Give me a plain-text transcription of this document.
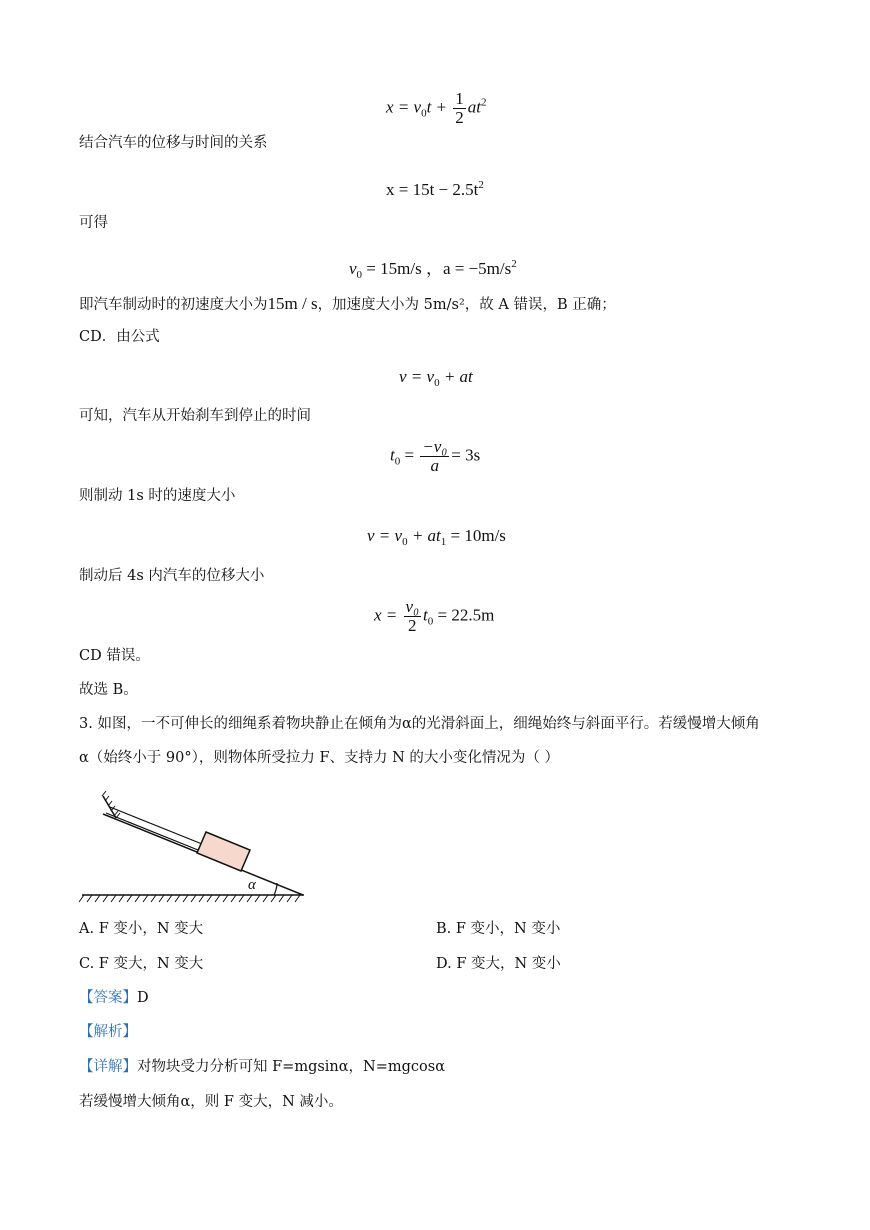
$x = v_0t + \frac{1}{2} at^2$
结合汽车的位移与时间的关系
$x = 15t - 2.5t^2$
可得
$v_0 = 15m/s$ ，$a = -5m/s^2$
即汽车制动时的初速度大小为15m / s，加速度大小为 5m/s²，故 A 错误，B 正确；
CD．由公式
$v = v_0$ + at
可知，汽车从开始刹车到停止的时间
$t_0 = \frac{\text{−v₀}}{a} = 3s$
则制动 1s 时的速度大小
$v = v_0 + at_1 = 10m/s$
制动后 4s 内汽车的位移大小
$x = \frac{\text{v₀}}{2} t_0 = 22.5m$
CD 错误。
故选 B。
3. 如图，一不可伸长的细绳系着物块静止在倾角为α的光滑斜面上，细绳始终与斜面平行。若缓慢增大倾角
α（始终小于 90°），则物体所受拉力 F、支持力 N 的大小变化情况为（ ）
α
A. F 变小，N 变大	B. F 变小，N 变小
C. F 变大，N 变大	D. F 变大，N 变小
【答案】D
【解析】
【详解】对物块受力分析可知 F=mgsinα，N=mgcosα
若缓慢增大倾角α，则 F 变大，N 减小。
